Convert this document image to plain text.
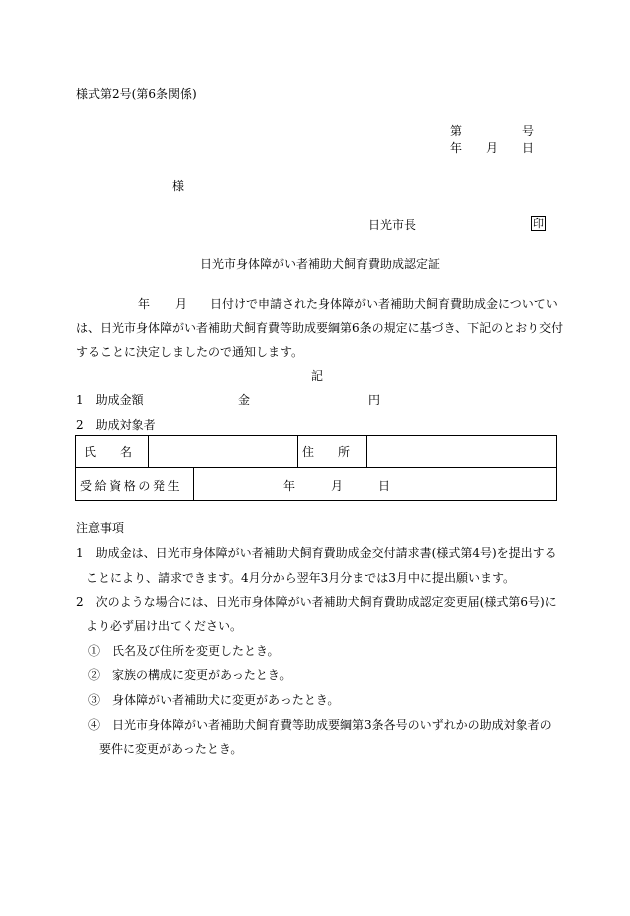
様式第2号(第6条関係)
第	号
年 月 日
様
日光市長	印
日光市身体障がい者補助犬飼育費助成認定証
年 月 日付けで申請された身体障がい者補助犬飼育費助成金についてい
は、日光市身体障がい者補助犬飼育費等助成要綱第6条の規定に基づき、下記のとおり交付
することに決定しましたので通知します。
記
1　助成金額	金	円
2　助成対象者
氏　　名	住　　所
受給資格の発生	年	月	日
注意事項
1　助成金は、日光市身体障がい者補助犬飼育費助成金交付請求書(様式第4号)を提出する
ことにより、請求できます。4月分から翌年3月分までは3月中に提出願います。
2　次のような場合には、日光市身体障がい者補助犬飼育費助成認定変更届(様式第6号)に
より必ず届け出てください。
①　氏名及び住所を変更したとき。
②　家族の構成に変更があったとき。
③　身体障がい者補助犬に変更があったとき。
④　日光市身体障がい者補助犬飼育費等助成要綱第3条各号のいずれかの助成対象者の
要件に変更があったとき。
